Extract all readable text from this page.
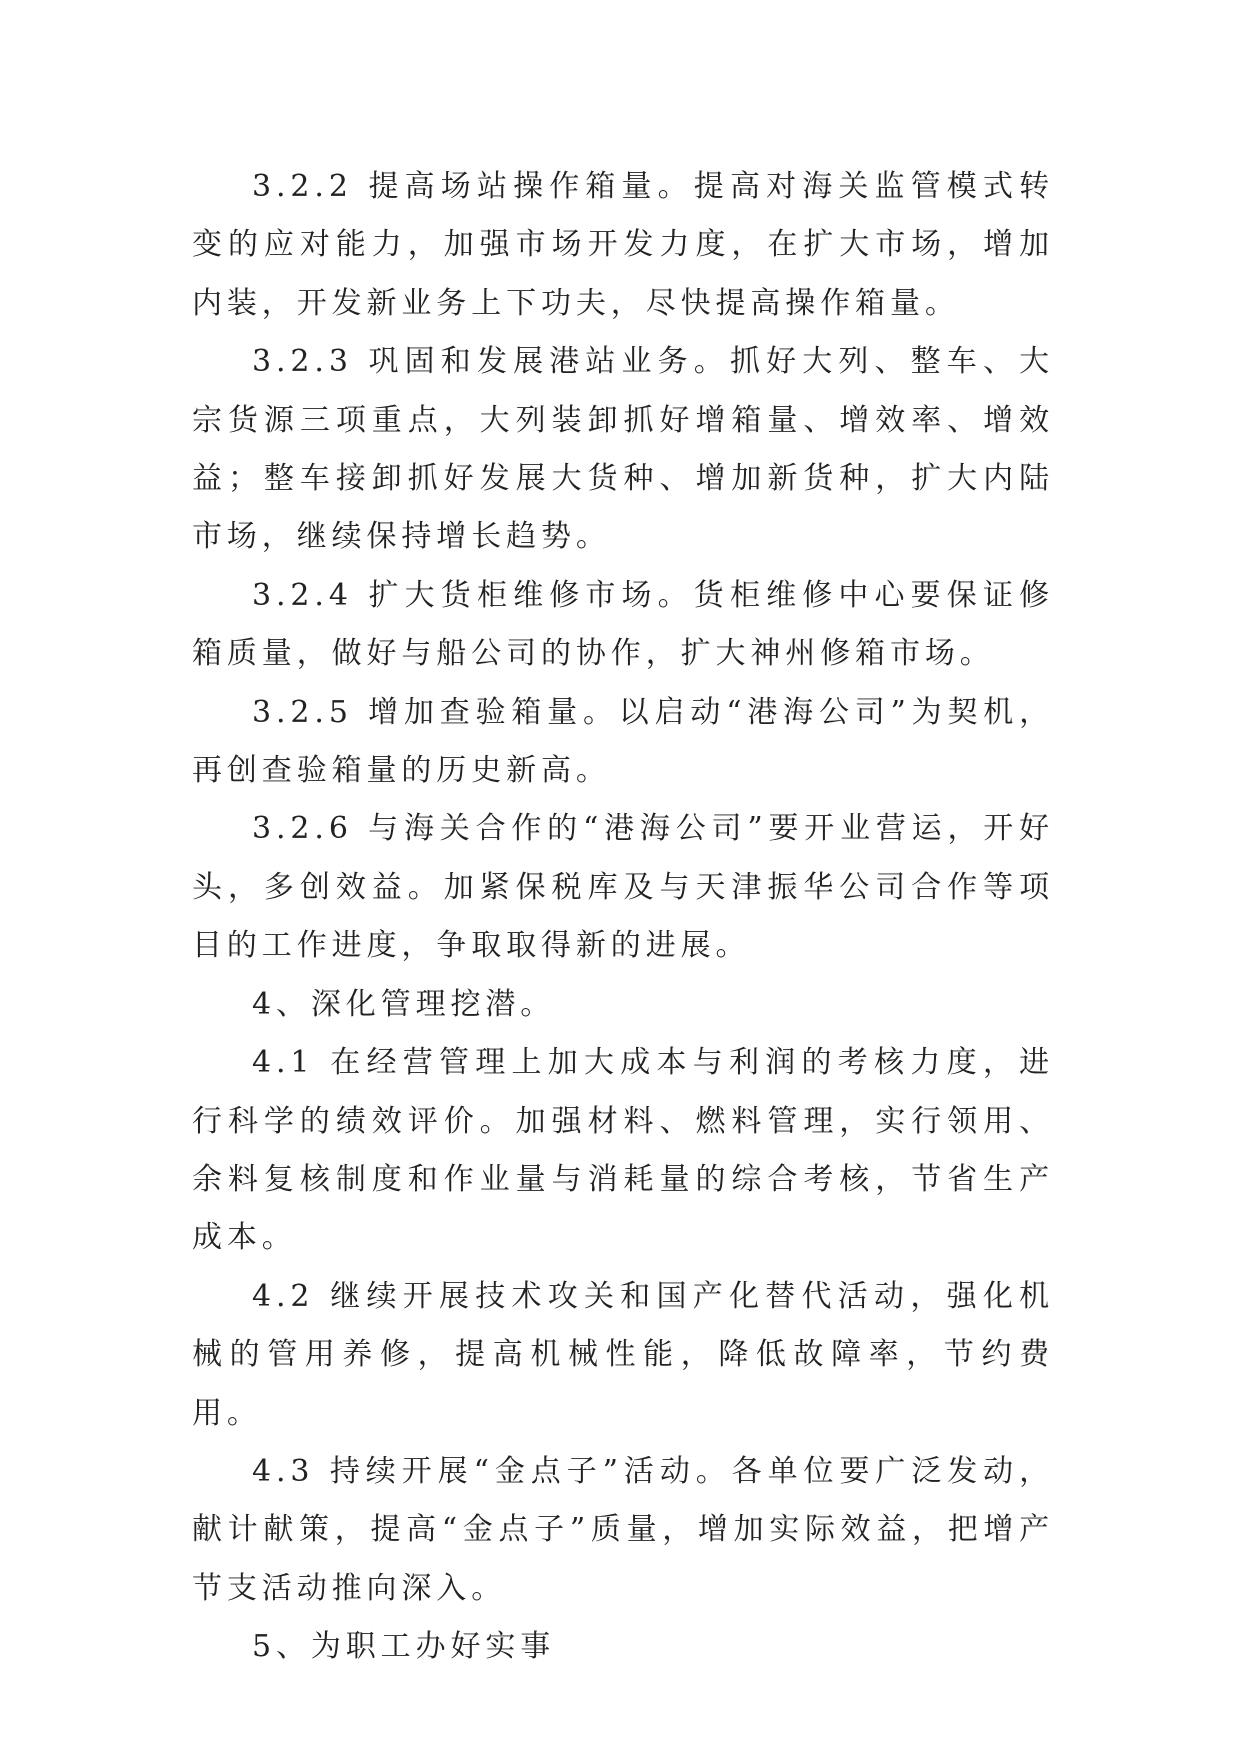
3.2.2 提高场站操作箱量。提高对海关监管模式转变的应对能力，加强市场开发力度，在扩大市场，增加内装，开发新业务上下功夫，尽快提高操作箱量。

3.2.3 巩固和发展港站业务。抓好大列、整车、大宗货源三项重点，大列装卸抓好增箱量、增效率、增效益；整车接卸抓好发展大货种、增加新货种，扩大内陆市场，继续保持增长趋势。

3.2.4 扩大货柜维修市场。货柜维修中心要保证修箱质量，做好与船公司的协作，扩大神州修箱市场。

3.2.5 增加查验箱量。以启动“港海公司”为契机，再创查验箱量的历史新高。

3.2.6 与海关合作的“港海公司”要开业营运，开好头，多创效益。加紧保税库及与天津振华公司合作等项目的工作进度，争取取得新的进展。

4、深化管理挖潜。

4.1 在经营管理上加大成本与利润的考核力度，进行科学的绩效评价。加强材料、燃料管理，实行领用、余料复核制度和作业量与消耗量的综合考核，节省生产成本。

4.2 继续开展技术攻关和国产化替代活动，强化机械的管用养修，提高机械性能，降低故障率，节约费用。

4.3 持续开展“金点子”活动。各单位要广泛发动，献计献策，提高“金点子”质量，增加实际效益，把增产节支活动推向深入。

5、为职工办好实事
